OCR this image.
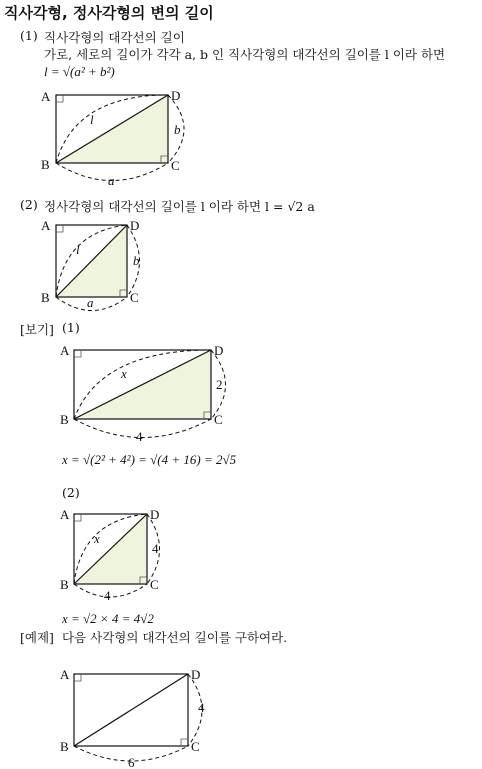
직사각형, 정사각형의 변의 길이
(1) 직사각형의 대각선의 길이
가로, 세로의 길이가 각각 a, b 인 직사각형의 대각선의 길이를 l 이라 하면
l = √(a² + b²)
A
B	C
D
l
b
a
(2) 정사각형의 대각선의 길이를 l 이라 하면 l = √2 a
A
B	C
D
l
b
a
[보기] (1)
A
B	C
D
x
2
4
x = √(2² + 4²) = √(4 + 16) = 2√5
(2)
A
B	C
D
x
4
4
x = √2 × 4 = 4√2
[예제] 다음 사각형의 대각선의 길이를 구하여라.
A
B	C
D
4
6
